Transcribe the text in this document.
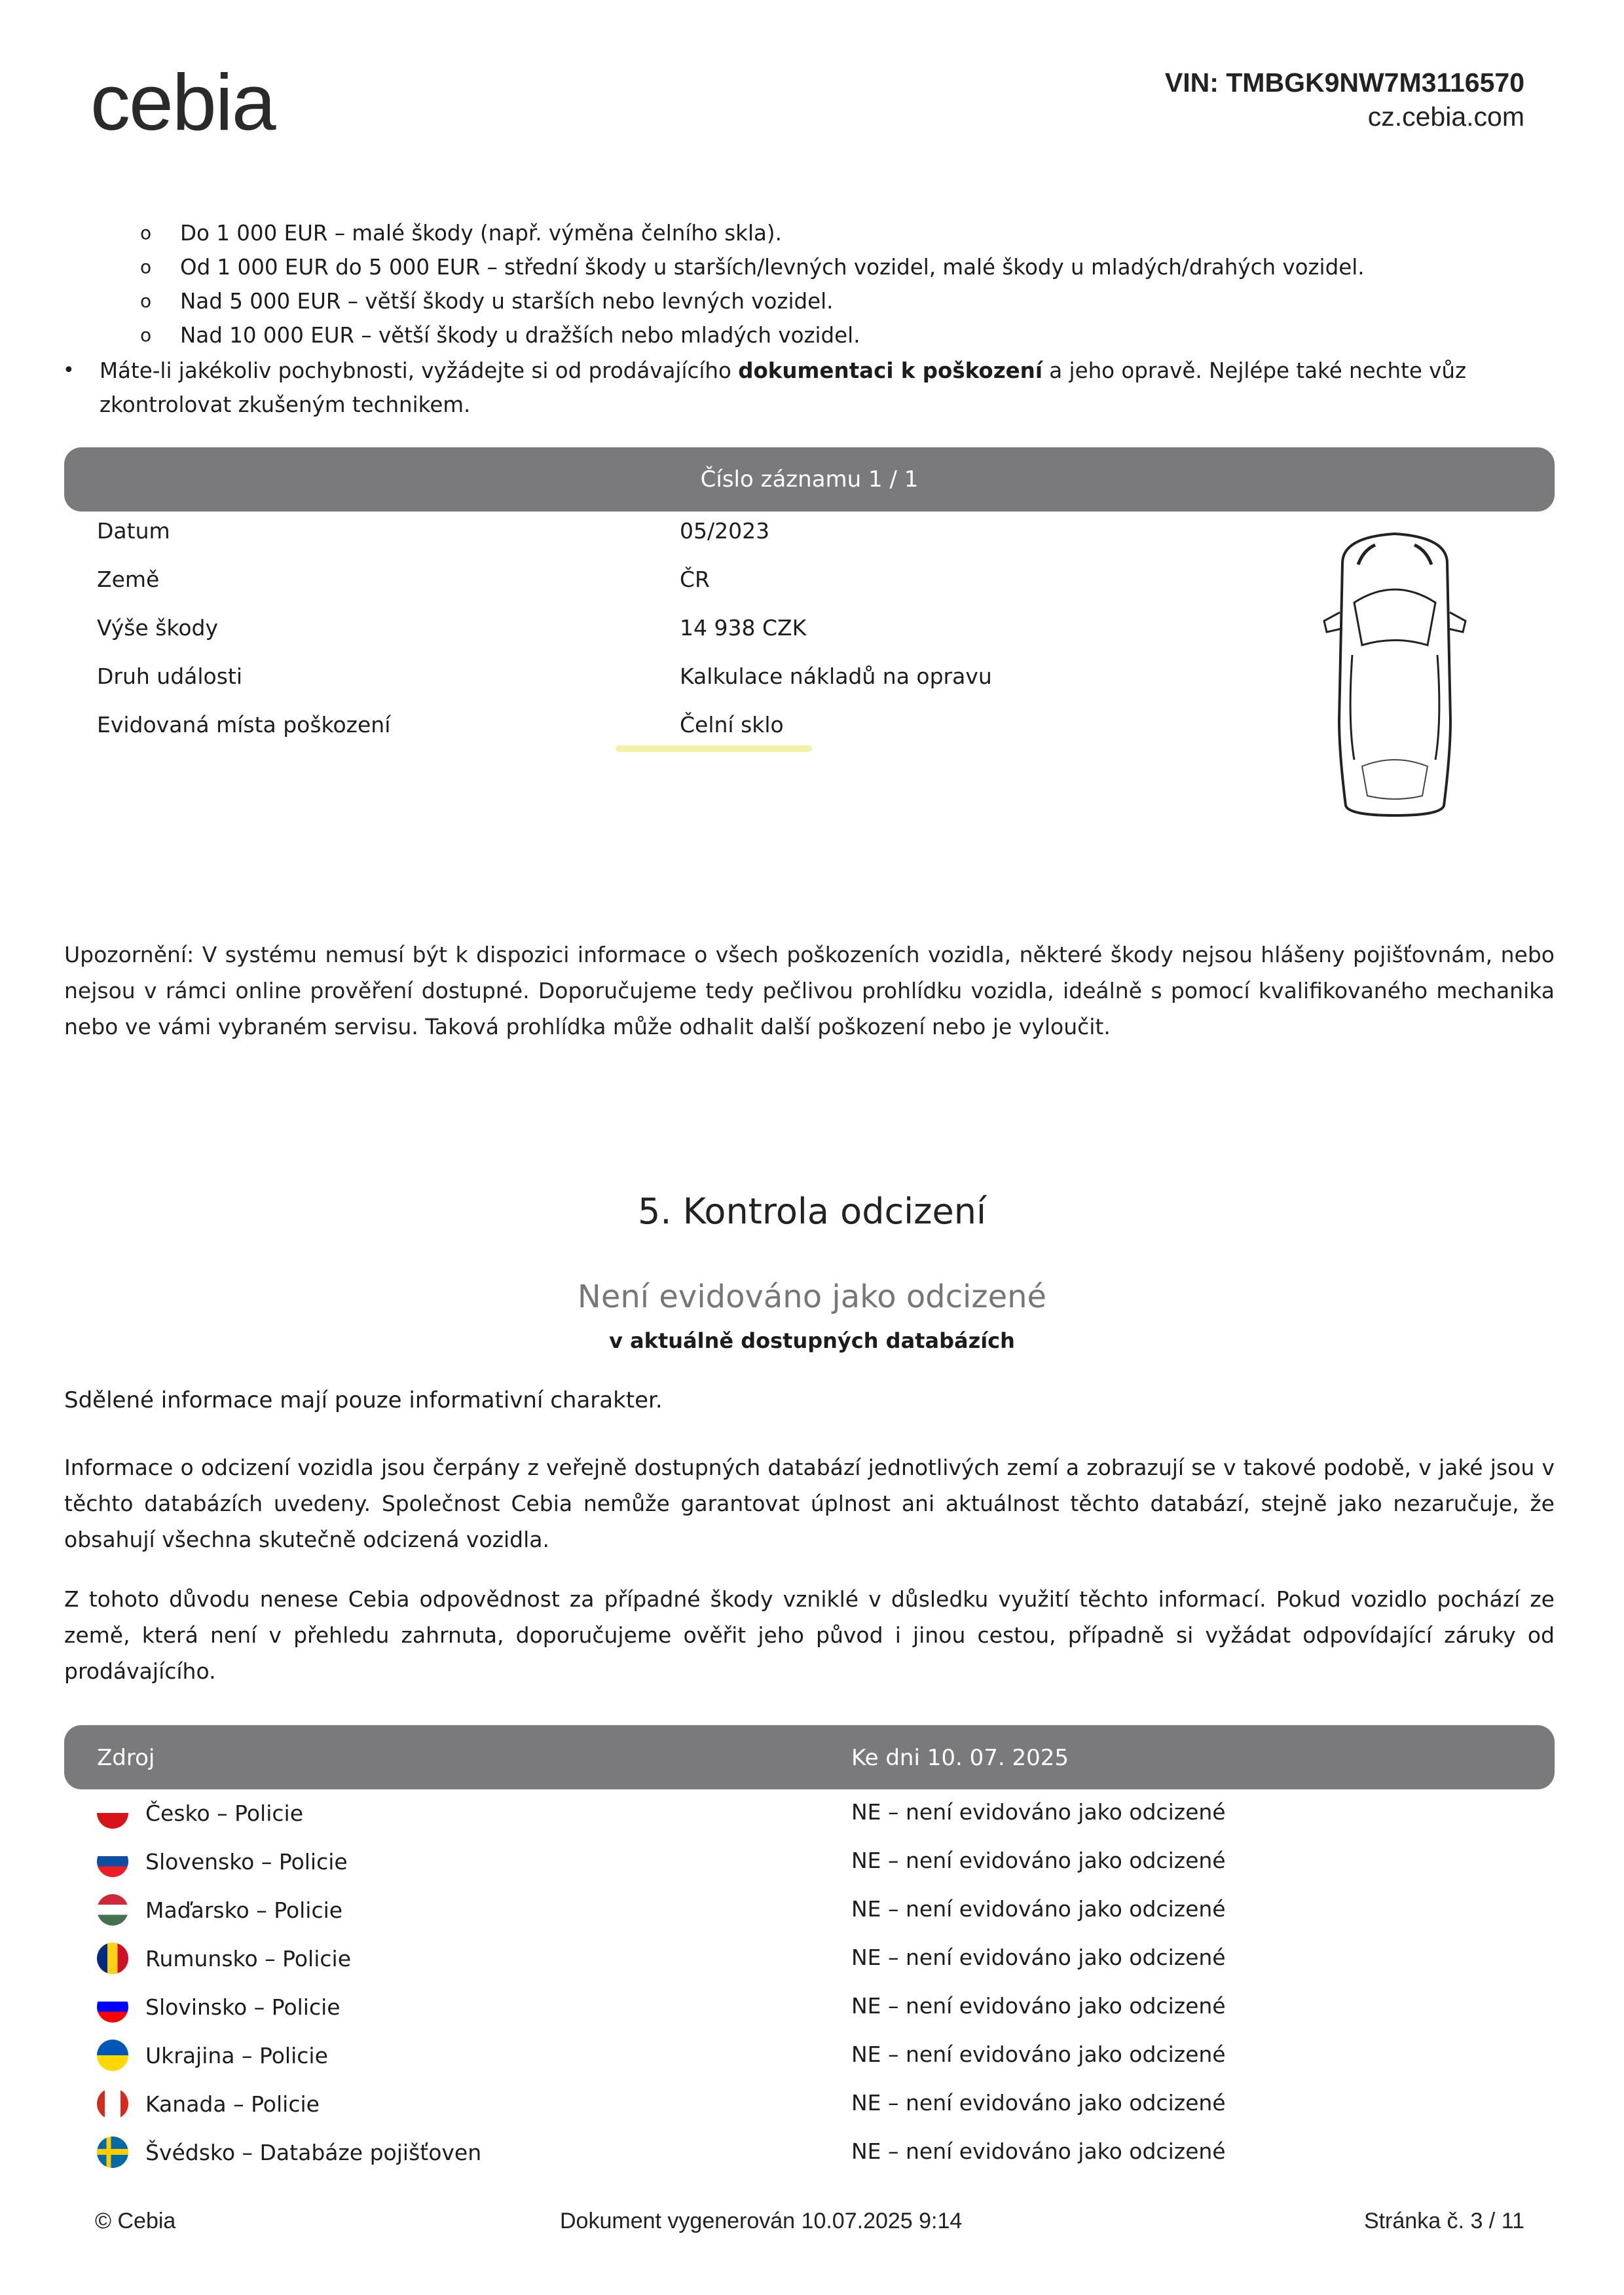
cebia	VIN: TMBGK9NW7M3116570
cz.cebia.com
o Do 1 000 EUR – malé škody (např. výměna čelního skla).
o Od 1 000 EUR do 5 000 EUR – střední škody u starších/levných vozidel, malé škody u mladých/drahých vozidel.
o Nad 5 000 EUR – větší škody u starších nebo levných vozidel.
o Nad 10 000 EUR – větší škody u dražších nebo mladých vozidel.
• Máte-li jakékoliv pochybnosti, vyžádejte si od prodávajícího dokumentaci k poškození a jeho opravě. Nejlépe také nechte vůz zkontrolovat zkušeným technikem.
Číslo záznamu 1 / 1
Datum	05/2023
Země	ČR
Výše škody	14 938 CZK
Druh události	Kalkulace nákladů na opravu
Evidovaná místa poškození	Čelní sklo
Upozornění: V systému nemusí být k dispozici informace o všech poškozeních vozidla, některé škody nejsou hlášeny pojišťovnám, nebo nejsou v rámci online prověření dostupné. Doporučujeme tedy pečlivou prohlídku vozidla, ideálně s pomocí kvalifikovaného mechanika nebo ve vámi vybraném servisu. Taková prohlídka může odhalit další poškození nebo je vyloučit.
5. Kontrola odcizení
Není evidováno jako odcizené
v aktuálně dostupných databázích
Sdělené informace mají pouze informativní charakter.
Informace o odcizení vozidla jsou čerpány z veřejně dostupných databází jednotlivých zemí a zobrazují se v takové podobě, v jaké jsou v těchto databázích uvedeny. Společnost Cebia nemůže garantovat úplnost ani aktuálnost těchto databází, stejně jako nezaručuje, že obsahují všechna skutečně odcizená vozidla.
Z tohoto důvodu nenese Cebia odpovědnost za případné škody vzniklé v důsledku využití těchto informací. Pokud vozidlo pochází ze země, která není v přehledu zahrnuta, doporučujeme ověřit jeho původ i jinou cestou, případně si vyžádat odpovídající záruky od prodávajícího.
Zdroj	Ke dni 10. 07. 2025
Česko – Policie	NE – není evidováno jako odcizené
Slovensko – Policie	NE – není evidováno jako odcizené
Maďarsko – Policie	NE – není evidováno jako odcizené
Rumunsko – Policie	NE – není evidováno jako odcizené
Slovinsko – Policie	NE – není evidováno jako odcizené
Ukrajina – Policie	NE – není evidováno jako odcizené
Kanada – Policie	NE – není evidováno jako odcizené
Švédsko – Databáze pojišťoven	NE – není evidováno jako odcizené
© Cebia	Dokument vygenerován 10.07.2025 9:14	Stránka č. 3 / 11
